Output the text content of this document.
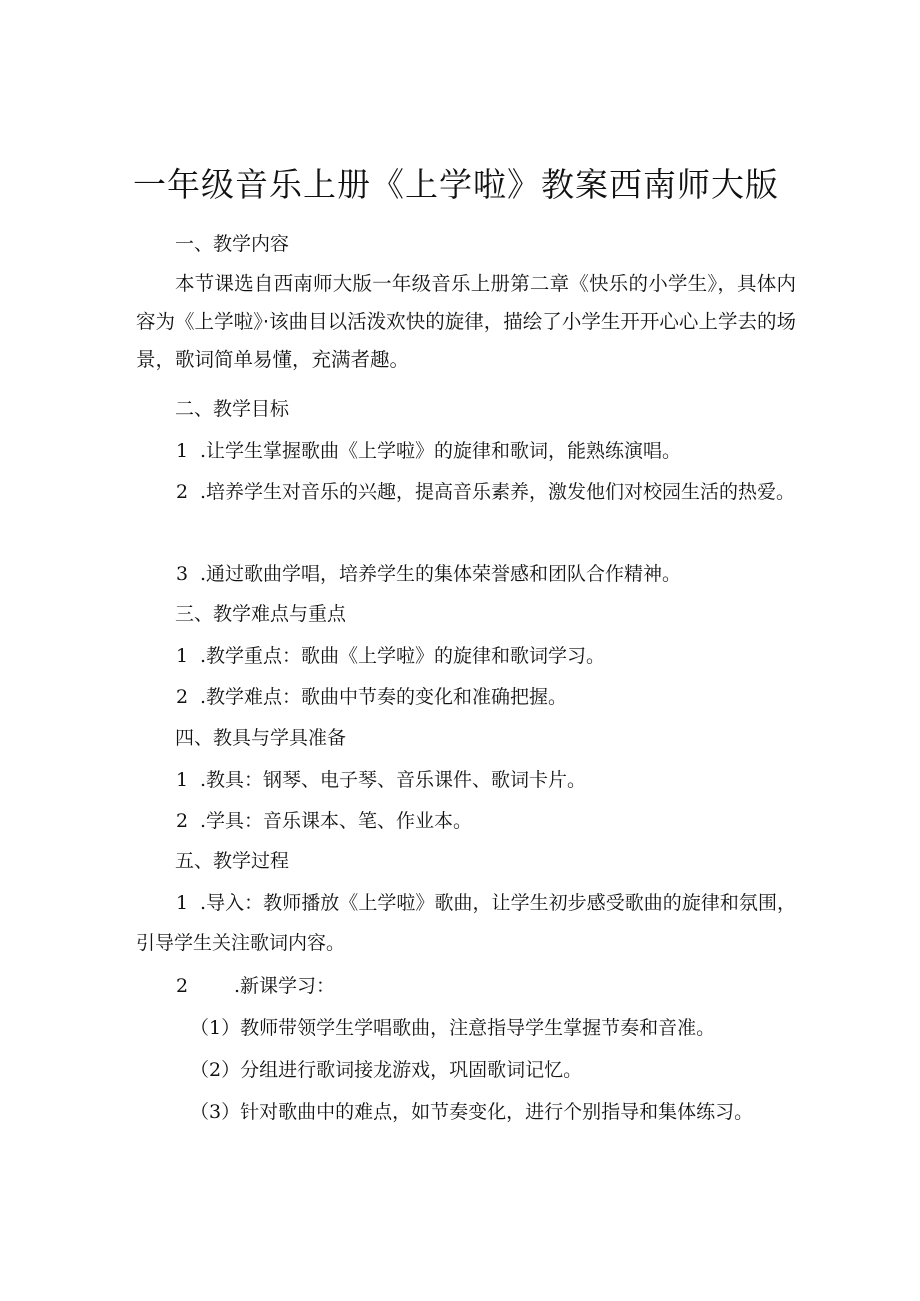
一年级音乐上册《上学啦》教案西南师大版
一、教学内容

本节课选自西南师大版一年级音乐上册第二章《快乐的小学生》，具体内容为《上学啦》·该曲目以活泼欢快的旋律，描绘了小学生开开心心上学去的场景，歌词简单易懂，充满者趣。

二、教学目标

1 .让学生掌握歌曲《上学啦》的旋律和歌词，能熟练演唱。

2 .培养学生对音乐的兴趣，提高音乐素养，激发他们对校园生活的热爱。

3 .通过歌曲学唱，培养学生的集体荣誉感和团队合作精神。

三、教学难点与重点

1 .教学重点：歌曲《上学啦》的旋律和歌词学习。

2 .教学难点：歌曲中节奏的变化和准确把握。

四、教具与学具准备

1 .教具：钢琴、电子琴、音乐课件、歌词卡片。

2 .学具：音乐课本、笔、作业本。

五、教学过程

1 .导入：教师播放《上学啦》歌曲，让学生初步感受歌曲的旋律和氛围，引导学生关注歌词内容。

2 .新课学习：

（1）教师带领学生学唱歌曲，注意指导学生掌握节奏和音准。

（2）分组进行歌词接龙游戏，巩固歌词记忆。

（3）针对歌曲中的难点，如节奏变化，进行个别指导和集体练习。
